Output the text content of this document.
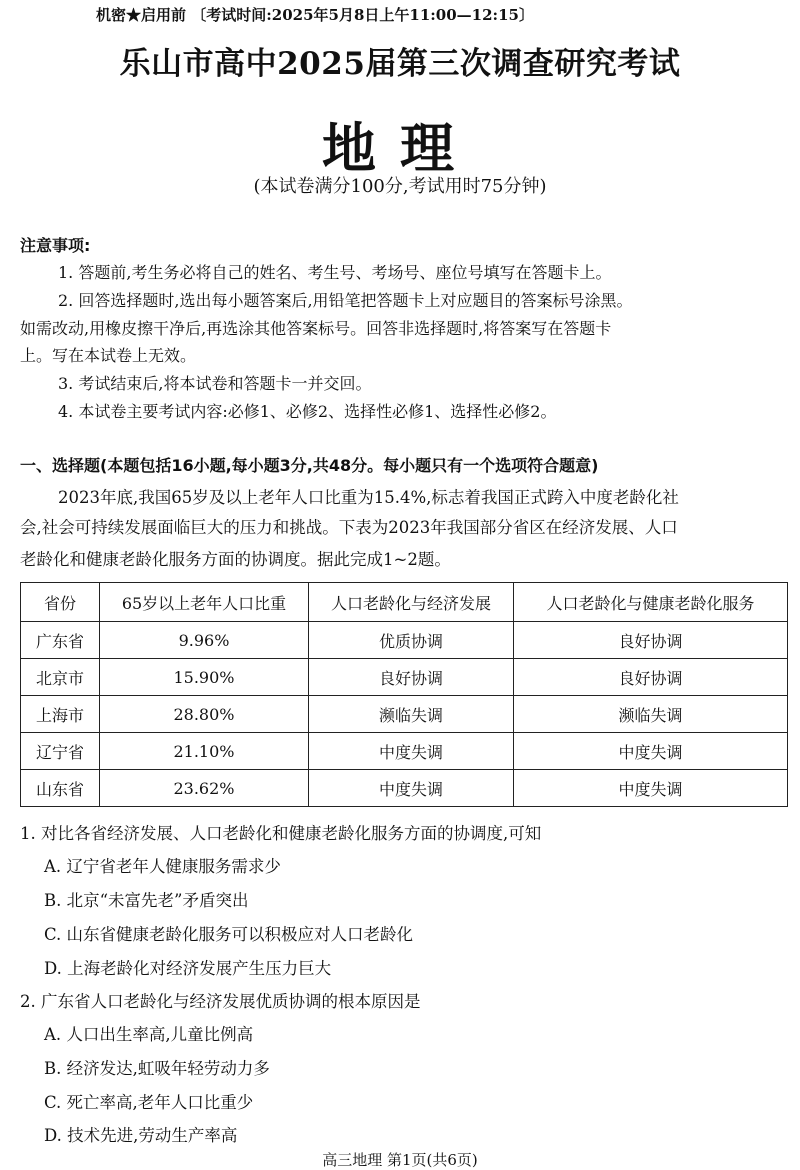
机密★启用前 〔考试时间:2025年5月8日上午11:00—12:15〕
乐山市高中2025届第三次调查研究考试
地理
(本试卷满分100分,考试用时75分钟)
注意事项:
1. 答题前,考生务必将自己的姓名、考生号、考场号、座位号填写在答题卡上。
2. 回答选择题时,选出每小题答案后,用铅笔把答题卡上对应题目的答案标号涂黑。
如需改动,用橡皮擦干净后,再选涂其他答案标号。回答非选择题时,将答案写在答题卡
上。写在本试卷上无效。
3. 考试结束后,将本试卷和答题卡一并交回。
4. 本试卷主要考试内容:必修1、必修2、选择性必修1、选择性必修2。
一、选择题(本题包括16小题,每小题3分,共48分。每小题只有一个选项符合题意)
2023年底,我国65岁及以上老年人口比重为15.4%,标志着我国正式跨入中度老龄化社
会,社会可持续发展面临巨大的压力和挑战。下表为2023年我国部分省区在经济发展、人口
老龄化和健康老龄化服务方面的协调度。据此完成1~2题。
省份	65岁以上老年人口比重	人口老龄化与经济发展	人口老龄化与健康老龄化服务
广东省	9.96%	优质协调	良好协调
北京市	15.90%	良好协调	良好协调
上海市	28.80%	濒临失调	濒临失调
辽宁省	21.10%	中度失调	中度失调
山东省	23.62%	中度失调	中度失调
1. 对比各省经济发展、人口老龄化和健康老龄化服务方面的协调度,可知
A. 辽宁省老年人健康服务需求少
B. 北京“未富先老”矛盾突出
C. 山东省健康老龄化服务可以积极应对人口老龄化
D. 上海老龄化对经济发展产生压力巨大
2. 广东省人口老龄化与经济发展优质协调的根本原因是
A. 人口出生率高,儿童比例高
B. 经济发达,虹吸年轻劳动力多
C. 死亡率高,老年人口比重少
D. 技术先进,劳动生产率高
高三地理 第1页(共6页)
